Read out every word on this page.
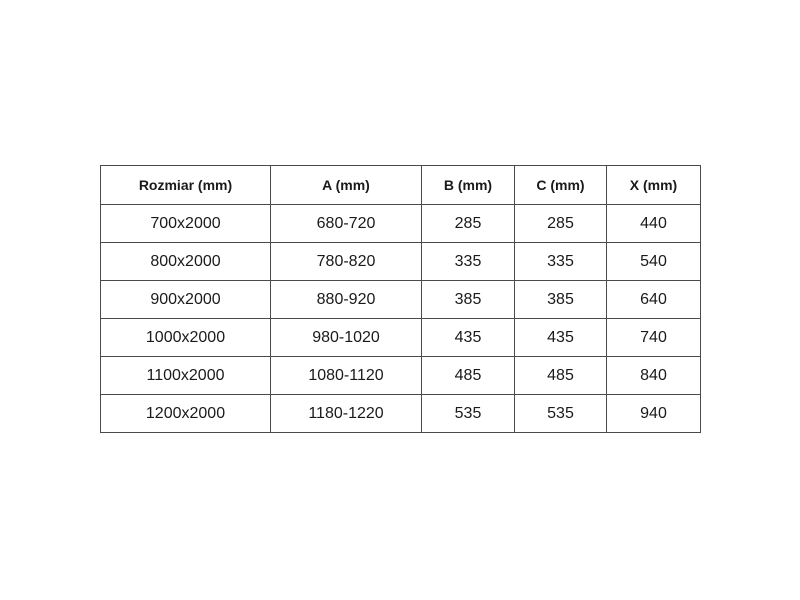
Rozmiar (mm)	A (mm)	B (mm)	C (mm)	X (mm)
700x2000	680-720	285	285	440
800x2000	780-820	335	335	540
900x2000	880-920	385	385	640
1000x2000	980-1020	435	435	740
1100x2000	1080-1120	485	485	840
1200x2000	1180-1220	535	535	940
